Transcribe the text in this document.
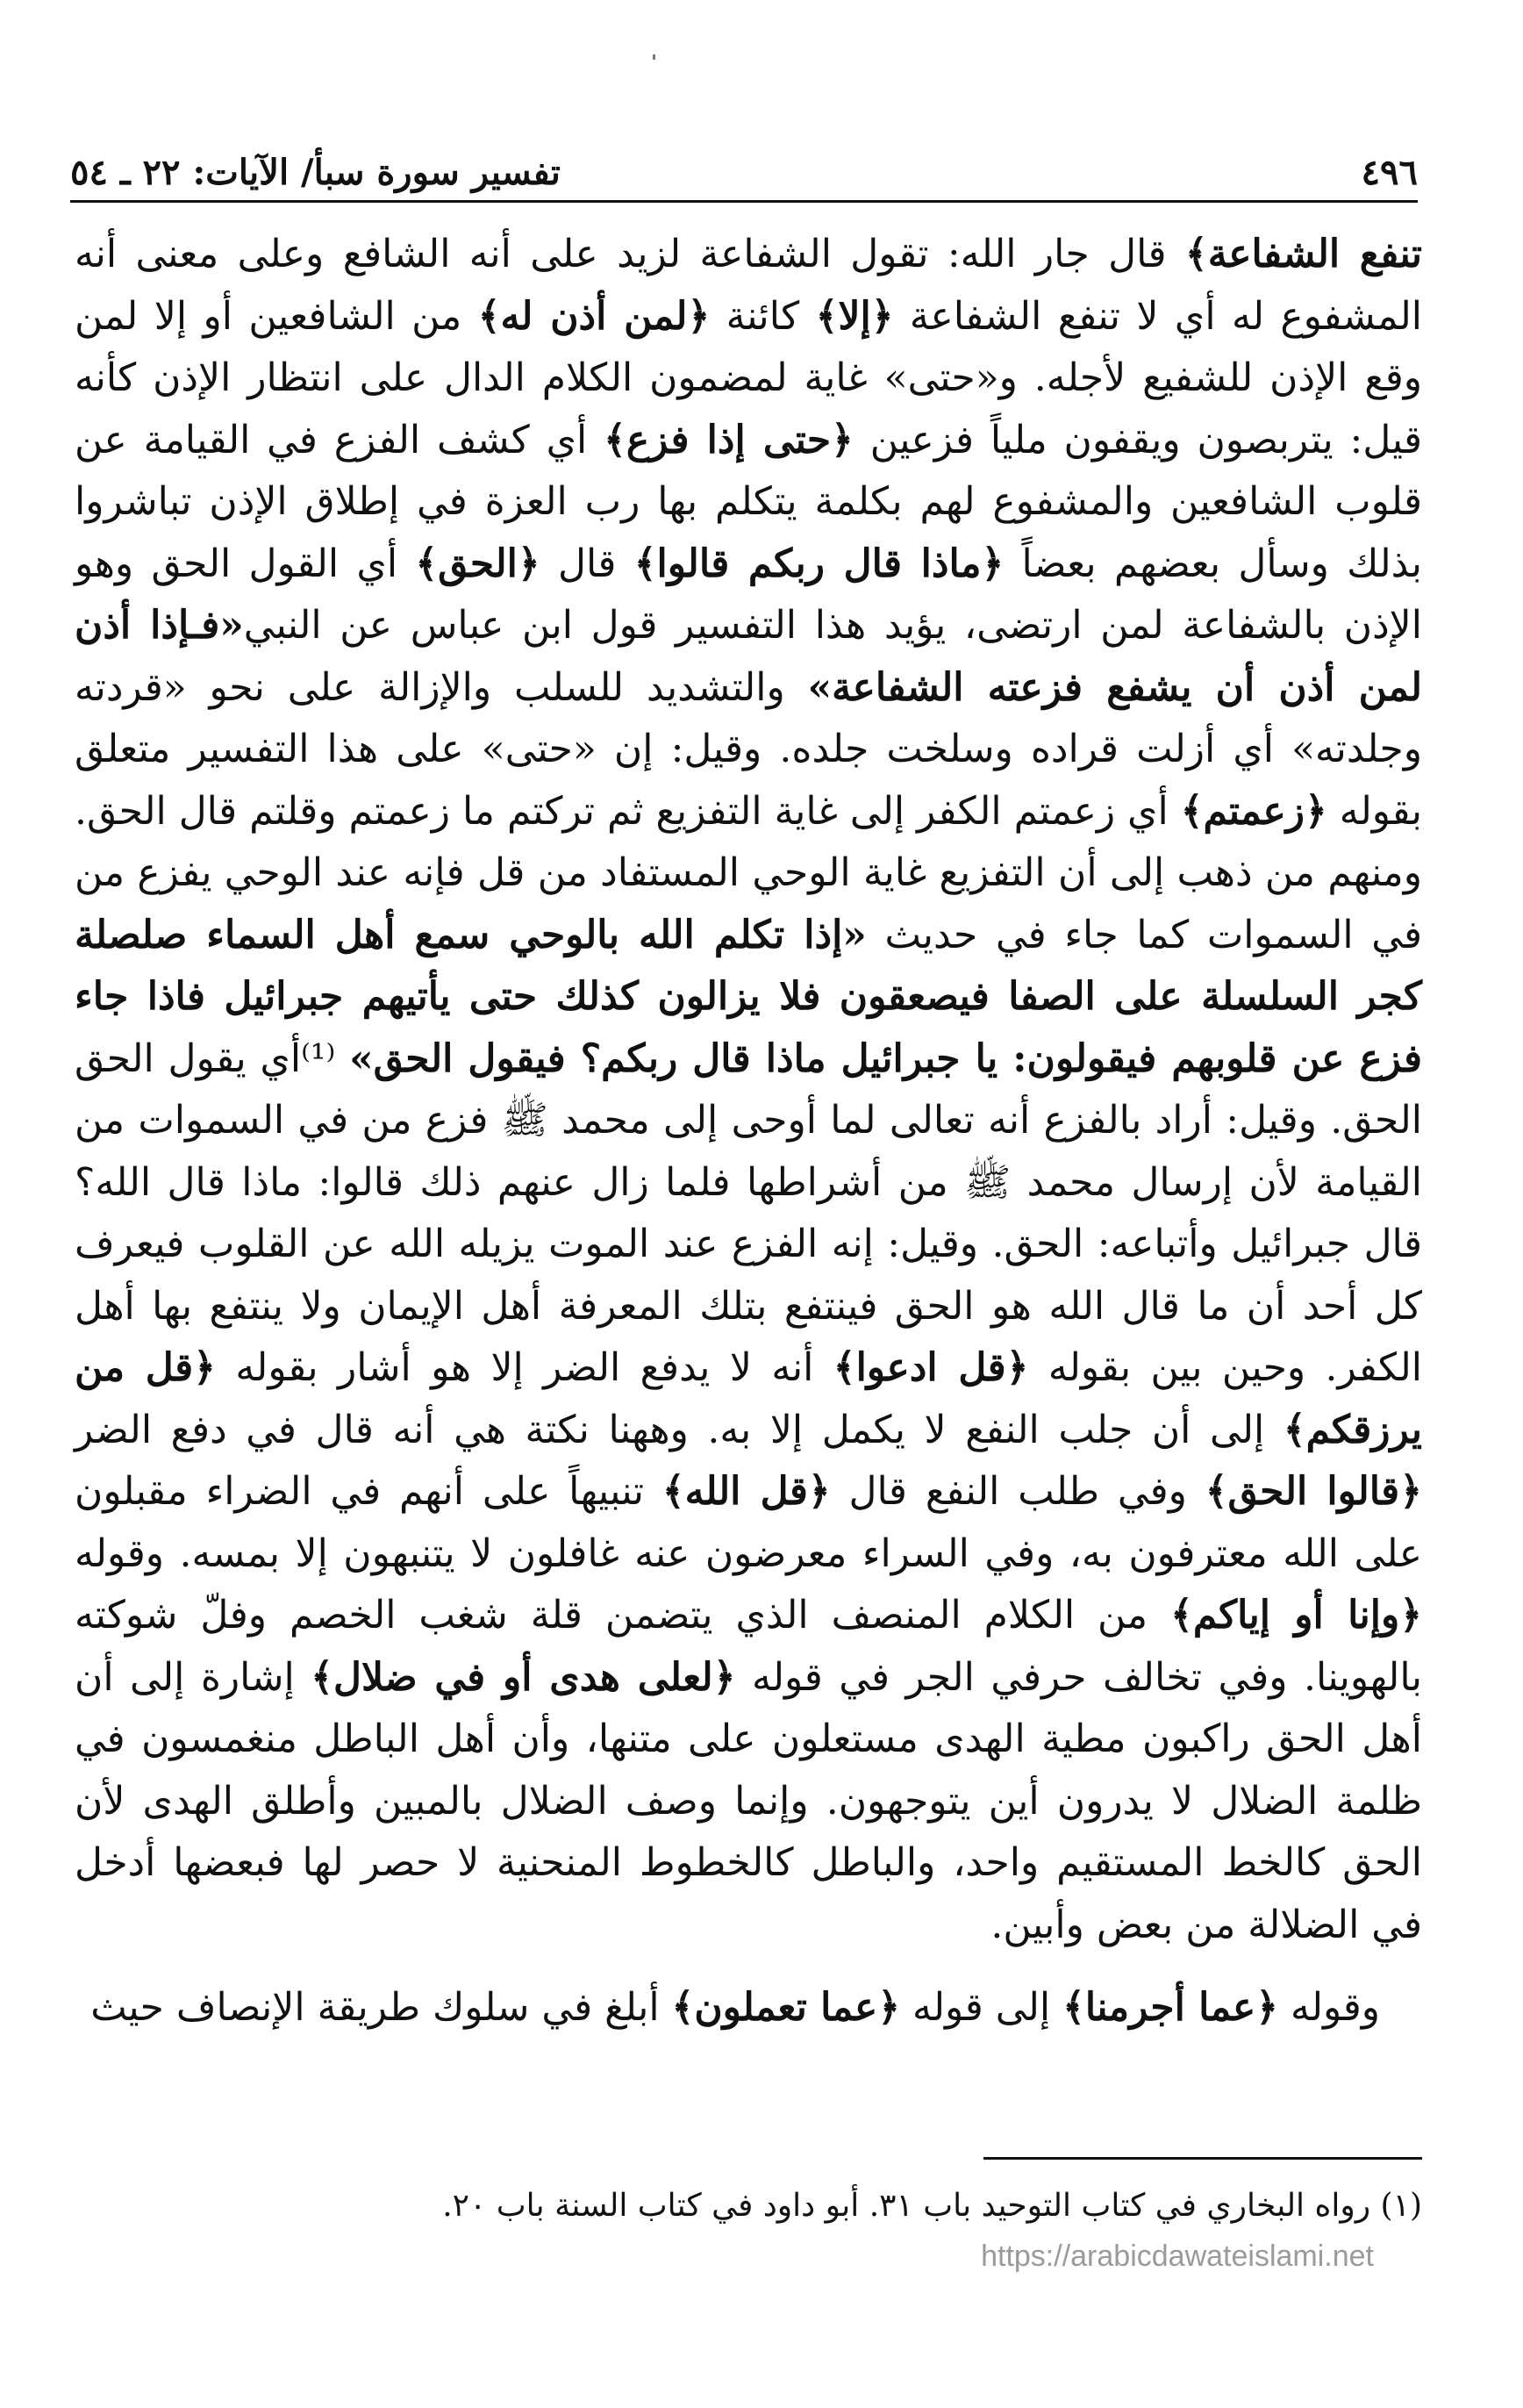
٤٩٦
تفسير سورة سبأ/ الآيات: ٢٢ ـ ٥٤

تنفع الشفاعة﴾ قال جار الله: تقول الشفاعة لزيد على أنه الشافع وعلى معنى أنه المشفوع له أي لا تنفع الشفاعة ﴿إلا﴾ كائنة ﴿لمن أذن له﴾ من الشافعين أو إلا لمن وقع الإذن للشفيع لأجله. و«حتى» غاية لمضمون الكلام الدال على انتظار الإذن كأنه قيل: يتربصون ويقفون ملياً فزعين ﴿حتى إذا فزع﴾ أي كشف الفزع في القيامة عن قلوب الشافعين والمشفوع لهم بكلمة يتكلم بها رب العزة في إطلاق الإذن تباشروا بذلك وسأل بعضهم بعضاً ﴿ماذا قال ربكم قالوا﴾ قال ﴿الحق﴾ أي القول الحق وهو الإذن بالشفاعة لمن ارتضى، يؤيد هذا التفسير قول ابن عباس عن النبي«فـإذا أذن لمن أذن أن يشفع فزعته الشفاعة» والتشديد للسلب والإزالة على نحو «قردته وجلدته» أي أزلت قراده وسلخت جلده. وقيل: إن «حتى» على هذا التفسير متعلق بقوله ﴿زعمتم﴾ أي زعمتم الكفر إلى غاية التفزيع ثم تركتم ما زعمتم وقلتم قال الحق. ومنهم من ذهب إلى أن التفزيع غاية الوحي المستفاد من قل فإنه عند الوحي يفزع من في السموات كما جاء في حديث «إذا تكلم الله بالوحي سمع أهل السماء صلصلة كجر السلسلة على الصفا فيصعقون فلا يزالون كذلك حتى يأتيهم جبرائيل فاذا جاء فزع عن قلوبهم فيقولون: يا جبرائيل ماذا قال ربكم؟ فيقول الحق» ⁽¹⁾أي يقول الحق الحق. وقيل: أراد بالفزع أنه تعالى لما أوحى إلى محمد ﷺ فزع من في السموات من القيامة لأن إرسال محمد ﷺ من أشراطها فلما زال عنهم ذلك قالوا: ماذا قال الله؟ قال جبرائيل وأتباعه: الحق. وقيل: إنه الفزع عند الموت يزيله الله عن القلوب فيعرف كل أحد أن ما قال الله هو الحق فينتفع بتلك المعرفة أهل الإيمان ولا ينتفع بها أهل الكفر. وحين بين بقوله ﴿قل ادعوا﴾ أنه لا يدفع الضر إلا هو أشار بقوله ﴿قل من يرزقكم﴾ إلى أن جلب النفع لا يكمل إلا به. وههنا نكتة هي أنه قال في دفع الضر ﴿قالوا الحق﴾ وفي طلب النفع قال ﴿قل الله﴾ تنبيهاً على أنهم في الضراء مقبلون على الله معترفون به، وفي السراء معرضون عنه غافلون لا يتنبهون إلا بمسه. وقوله ﴿وإنا أو إياكم﴾ من الكلام المنصف الذي يتضمن قلة شغب الخصم وفلّ شوكته بالهوينا. وفي تخالف حرفي الجر في قوله ﴿لعلى هدى أو في ضلال﴾ إشارة إلى أن أهل الحق راكبون مطية الهدى مستعلون على متنها، وأن أهل الباطل منغمسون في ظلمة الضلال لا يدرون أين يتوجهون. وإنما وصف الضلال بالمبين وأطلق الهدى لأن الحق كالخط المستقيم واحد، والباطل كالخطوط المنحنية لا حصر لها فبعضها أدخل في الضلالة من بعض وأبين.

وقوله ﴿عما أجرمنا﴾ إلى قوله ﴿عما تعملون﴾ أبلغ في سلوك طريقة الإنصاف حيث

(١) رواه البخاري في كتاب التوحيد باب ٣١. أبو داود في كتاب السنة باب ٢٠.
https://arabicdawateislami.net
